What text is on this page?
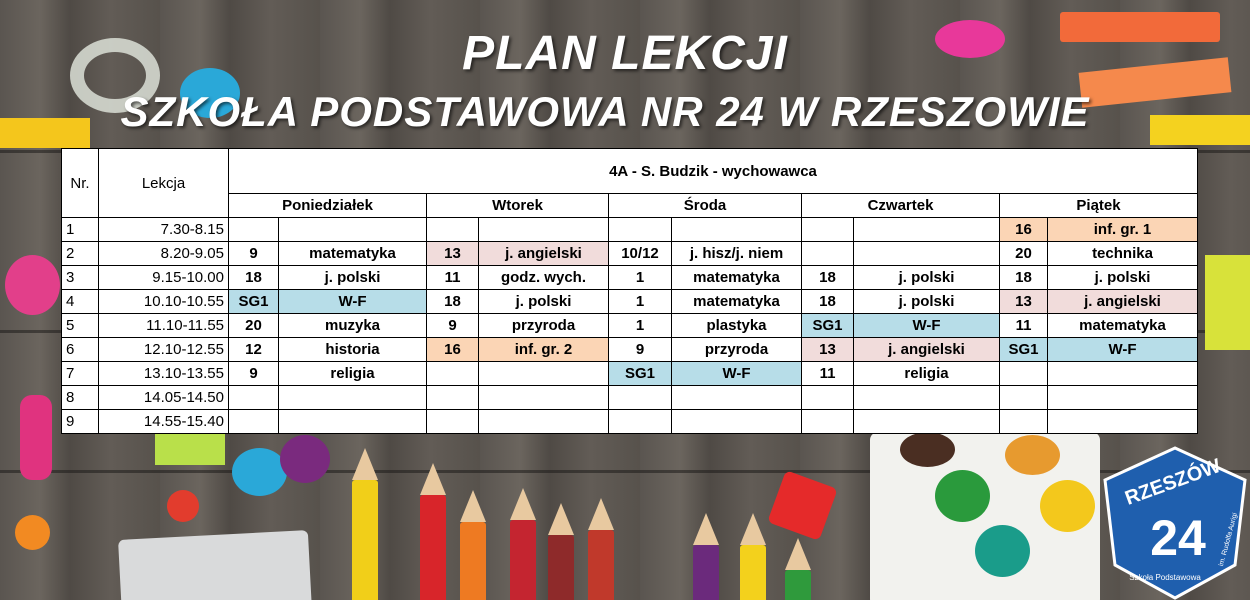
PLAN LEKCJI
SZKOŁA PODSTAWOWA NR 24 W RZESZOWIE
Nr.	Lekcja	4A - S. Budzik - wychowawca									
		Poniedziałek		Wtorek		Środa		Czwartek		Piątek	
1	7.30-8.15									16	inf. gr. 1
2	8.20-9.05	9	matematyka	13	j. angielski	10/12	j. hisz/j. niem			20	technika
3	9.15-10.00	18	j. polski	11	godz. wych.	1	matematyka	18	j. polski	18	j. polski
4	10.10-10.55	SG1	W-F	18	j. polski	1	matematyka	18	j. polski	13	j. angielski
5	11.10-11.55	20	muzyka	9	przyroda	1	plastyka	SG1	W-F	11	matematyka
6	12.10-12.55	12	historia	16	inf. gr. 2	9	przyroda	13	j. angielski	SG1	W-F
7	13.10-13.55	9	religia			SG1	W-F	11	religia		
8	14.05-14.50										
9	14.55-15.40										
RZESZÓW
24
Szkoła Podstawowa
im. Rudolfa Aurigi
